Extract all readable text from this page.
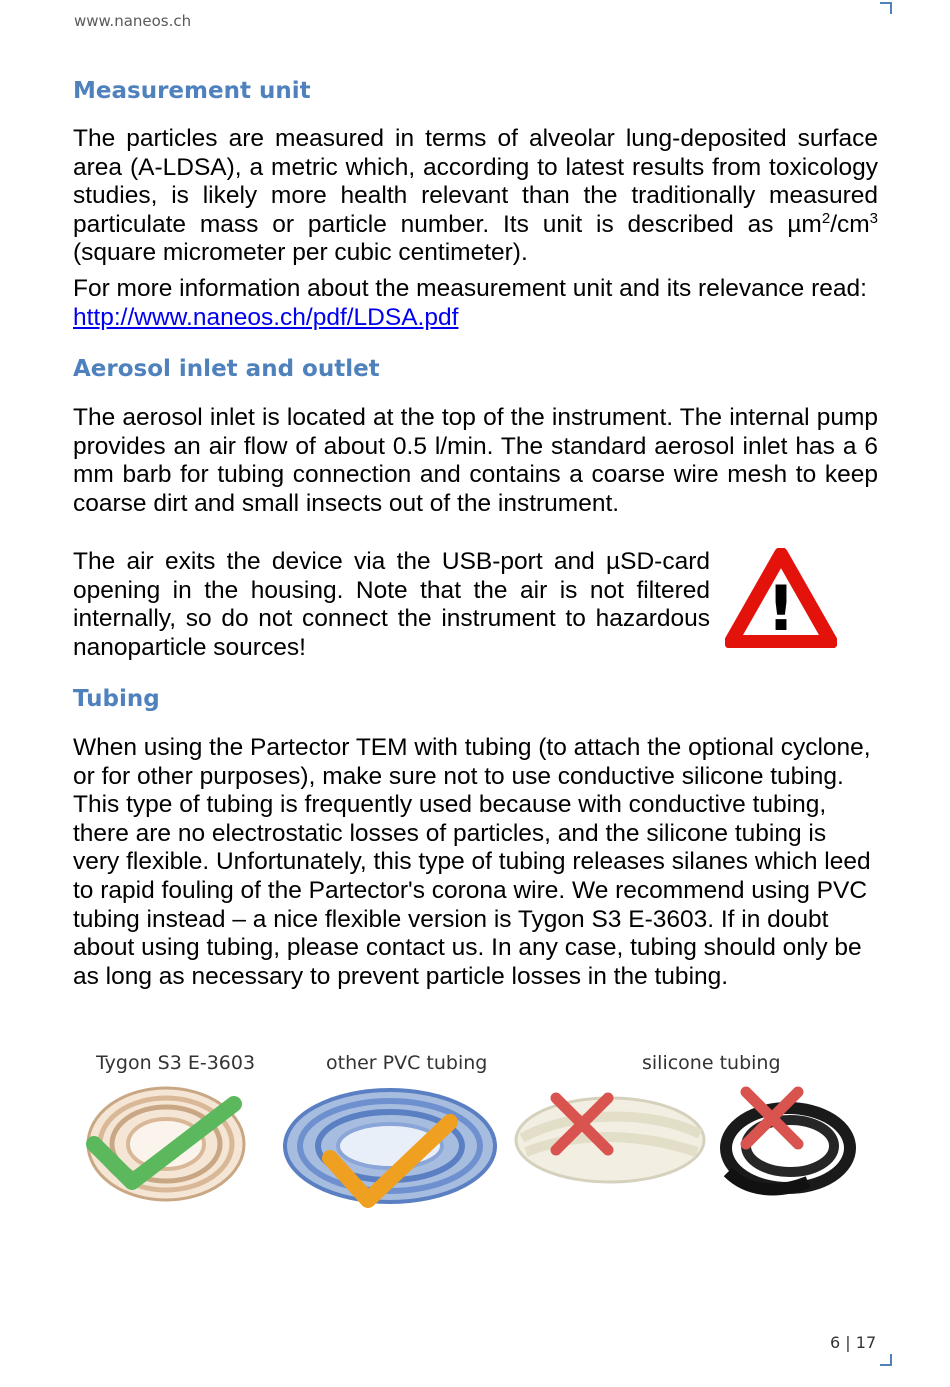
www.naneos.ch
Measurement unit

The particles are measured in terms of alveolar lung-deposited surface area (A-LDSA), a metric which, according to latest results from toxicology studies, is likely more health relevant than the traditionally measured particulate mass or particle number. Its unit is described as $\mu m^2/cm^3$ (square micrometer per cubic centimeter).

For more information about the measurement unit and its relevance read:
http://www.naneos.ch/pdf/LDSA.pdf

Aerosol inlet and outlet

The aerosol inlet is located at the top of the instrument. The internal pump provides an air flow of about 0.5 l/min. The standard aerosol inlet has a 6 mm barb for tubing connection and contains a coarse wire mesh to keep coarse dirt and small insects out of the instrument.

The air exits the device via the USB-port and µSD-card opening in the housing. Note that the air is not filtered internally, so do not connect the instrument to hazardous nanoparticle sources!

Tubing

When using the Partector TEM with tubing (to attach the optional cyclone, or for other purposes), make sure not to use conductive silicone tubing. This type of tubing is frequently used because with conductive tubing, there are no electrostatic losses of particles, and the silicone tubing is very flexible. Unfortunately, this type of tubing releases silanes which leed to rapid fouling of the Partector's corona wire. We recommend using PVC tubing instead – a nice flexible version is Tygon S3 E-3603. If in doubt about using tubing, please contact us. In any case, tubing should only be as long as necessary to prevent particle losses in the tubing.

!
Tygon S3 E-3603	other PVC tubing	silicone tubing
6 | 17
